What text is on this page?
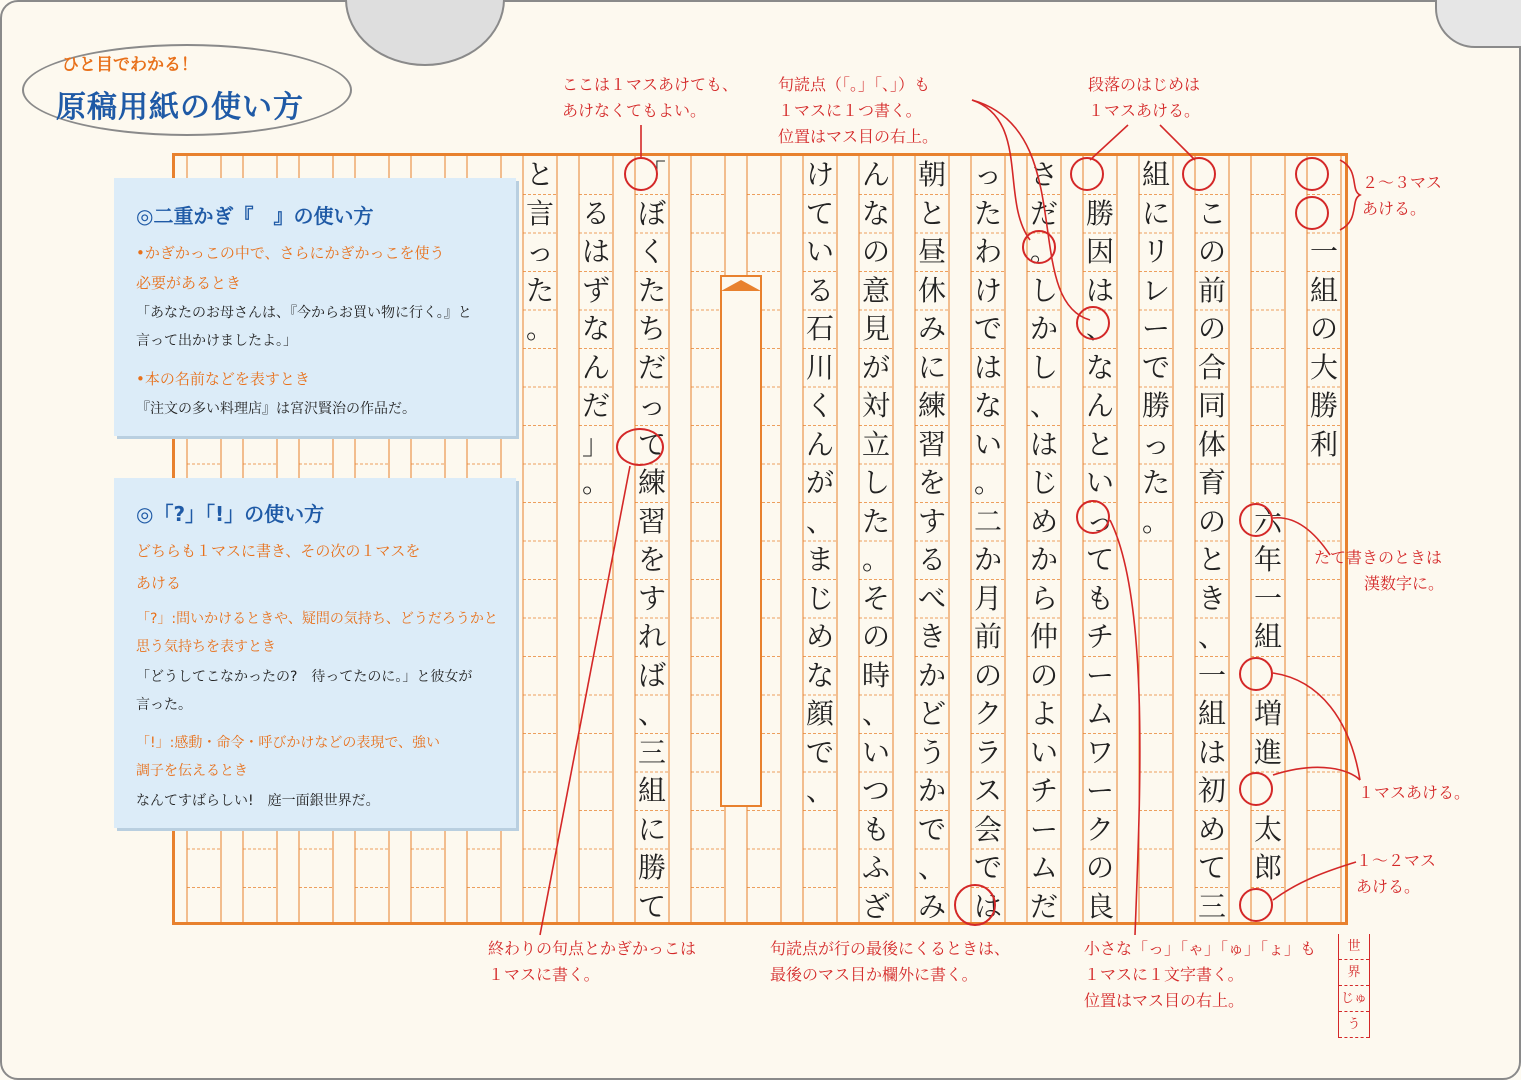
ひと目でわかる！
原稿用紙の使い方
一
組
の
大
勝
利
六
年
一
組
増
進
太
郎
こ
の
前
の
合
同
体
育
の
と
き
、
一
組
は
初
め
て
三
組
に
リ
レ
ー
で
勝
っ
た
。
勝
因
は
、
な
ん
と
い
っ
て
も
チ
ー
ム
ワ
ー
ク
の
良
さ
だ
。
し
か
し
、
は
じ
め
か
ら
仲
の
よ
い
チ
ー
ム
だ
っ
た
わ
け
で
は
な
い
。
二
か
月
前
の
ク
ラ
ス
会
で
は
朝
と
昼
休
み
に
練
習
を
す
る
べ
き
か
ど
う
か
で
、
み
ん
な
の
意
見
が
対
立
し
た
。
そ
の
時
、
い
つ
も
ふ
ざ
け
て
い
る
石
川
く
ん
が
、
ま
じ
め
な
顔
で
、
「
ぼ
く
た
ち
だ
っ
て
練
習
を
す
れ
ば
、
三
組
に
勝
て
る
は
ず
な
ん
だ
」
。
と
言
っ
た
。
◎二重かぎ『　』の使い方
•かぎかっこの中で、さらにかぎかっこを使う
必要があるとき
「あなたのお母さんは、『今からお買い物に行く。』と
言って出かけましたよ。」
•本の名前などを表すとき
『注文の多い料理店』は宮沢賢治の作品だ。
◎「?」「!」の使い方
どちらも１マスに書き、その次の１マスを
あける
「?」:問いかけるときや、疑問の気持ち、どうだろうかと
思う気持ちを表すとき
「どうしてこなかったの?　待ってたのに。」と彼女が
言った。
「!」:感動・命令・呼びかけなどの表現で、強い
調子を伝えるとき
なんてすばらしい!　庭一面銀世界だ。
ここは１マスあけても、
あけなくてもよい。
句読点（「。」「、」）も
１マスに１つ書く。
位置はマス目の右上。
段落のはじめは
１マスあける。
２～３マス
あける。
たて書きのときは
漢数字に。
１マスあける。
１～２マス
あける。
終わりの句点とかぎかっこは
１マスに書く。
句読点が行の最後にくるときは、
最後のマス目か欄外に書く。
小さな「っ」「ゃ」「ゅ」「ょ」も
１マスに１文字書く。
位置はマス目の右上。
世
界
じゅ
う
